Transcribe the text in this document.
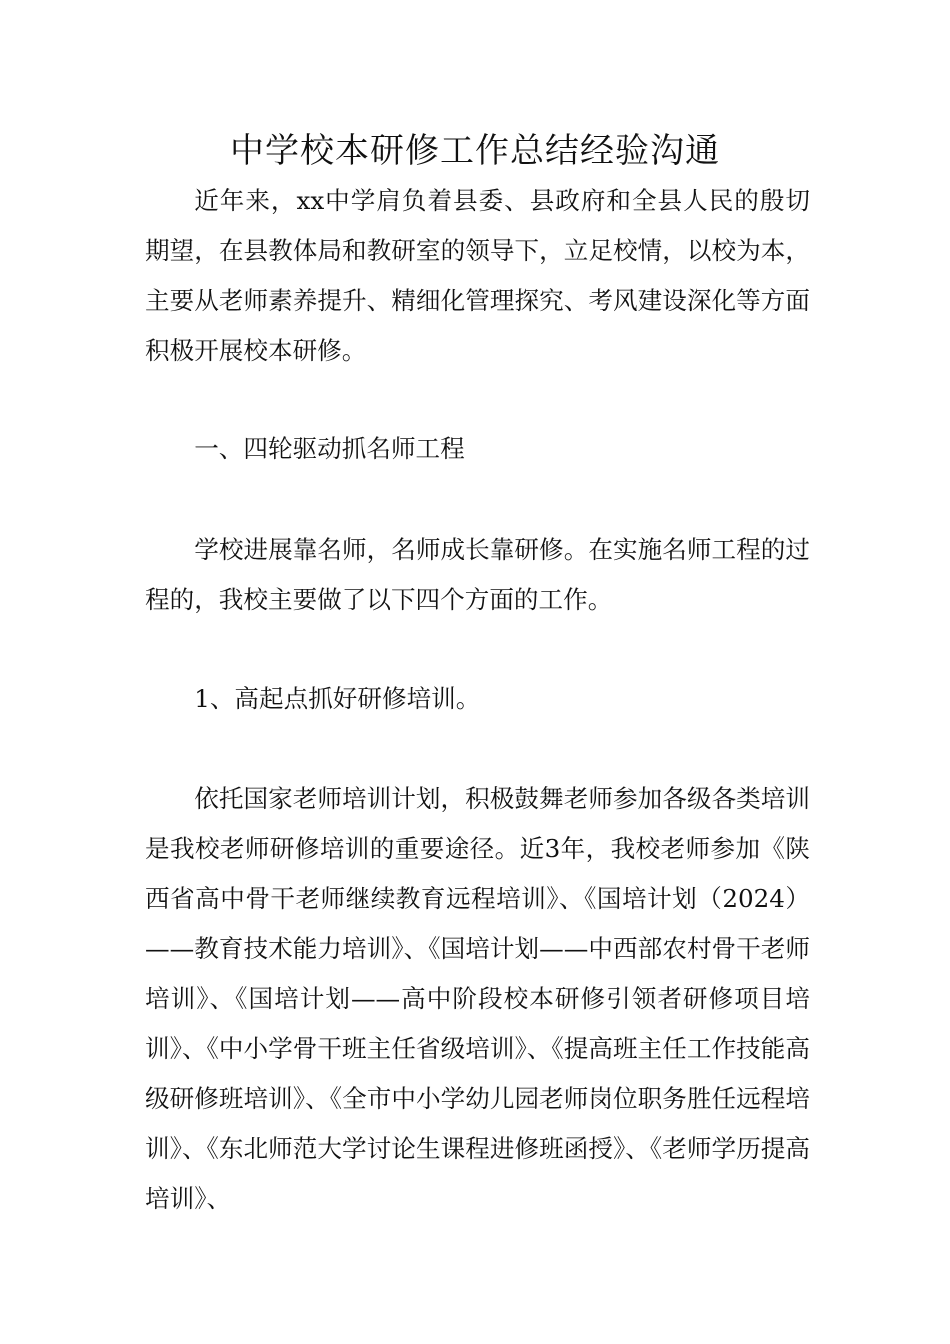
中学校本研修工作总结经验沟通

近年来，xx中学肩负着县委、县政府和全县人民的殷切期望，在县教体局和教研室的领导下，立足校情，以校为本，主要从老师素养提升、精细化管理探究、考风建设深化等方面积极开展校本研修。

一、四轮驱动抓名师工程

学校进展靠名师，名师成长靠研修。在实施名师工程的过程的，我校主要做了以下四个方面的工作。

1、高起点抓好研修培训。

依托国家老师培训计划，积极鼓舞老师参加各级各类培训是我校老师研修培训的重要途径。近3年，我校老师参加《陕西省高中骨干老师继续教育远程培训》、《国培计划（2024）——教育技术能力培训》、《国培计划——中西部农村骨干老师培训》、《国培计划——高中阶段校本研修引领者研修项目培训》、《中小学骨干班主任省级培训》、《提高班主任工作技能高级研修班培训》、《全市中小学幼儿园老师岗位职务胜任远程培训》、《东北师范大学讨论生课程进修班函授》、《老师学历提高培训》、
